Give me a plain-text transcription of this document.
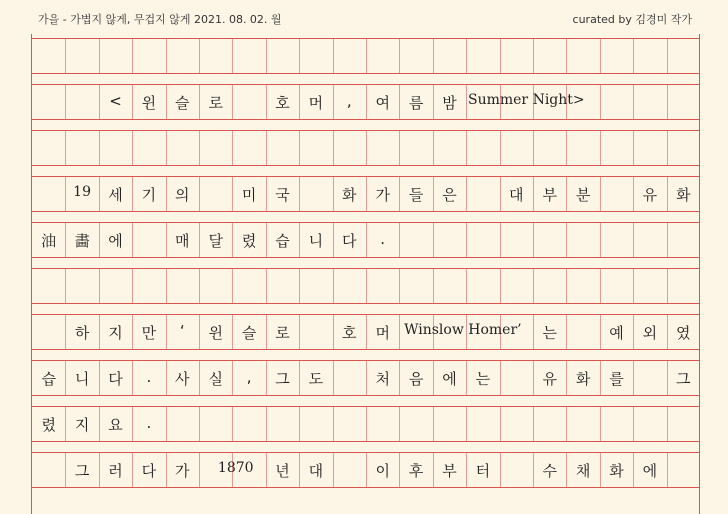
가을 - 가볍지 않게, 무겁지 않게 2021. 08. 02. 월	curated by 김경미 작가
< 윈 슬 로	호 머 , 여 름 밤 Summer Night>
19 세 기 의	미 국	화 가 들 은	대 부 분	유 화
油 畵 에	매 달 렸 습 니 다 .
하 지 만 ‘ 윈 슬 로	호 머 Winslow Homer’ 는	예 외 였
습 니 다 . 사 실 , 그 도	처 음 에 는	유 화 를	그
렸 지 요 .
그 러 다 가 1870 년 대	이 후 부 터	수 채 화 에
